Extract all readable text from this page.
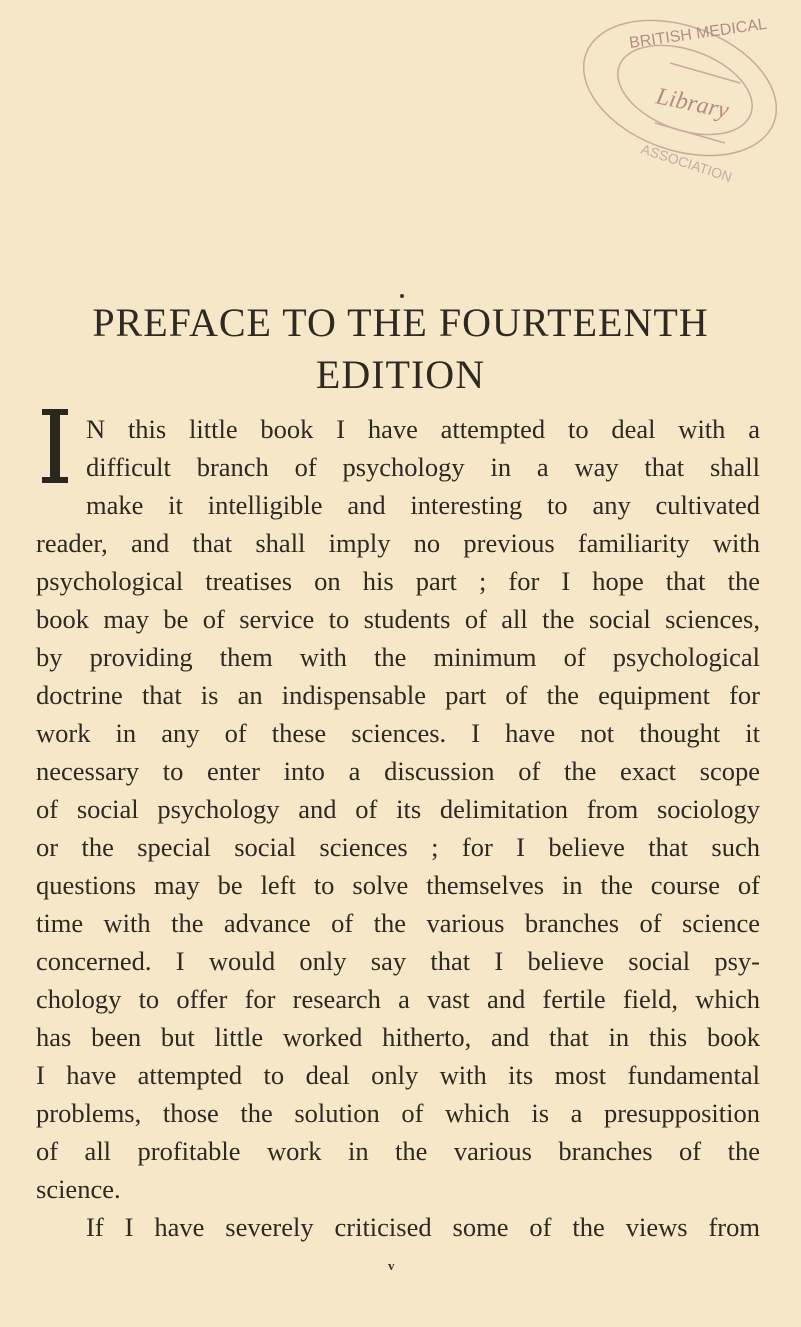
BRITISH MEDICAL
Library
ASSOCIATION
PREFACE TO THE FOURTEENTH
EDITION
N this little book I have attempted to deal with a
difficult branch of psychology in a way that shall
make it intelligible and interesting to any cultivated
reader, and that shall imply no previous familiarity with
psychological treatises on his part ; for I hope that the
book may be of service to students of all the social sciences,
by providing them with the minimum of psychological
doctrine that is an indispensable part of the equipment for
work in any of these sciences. I have not thought it
necessary to enter into a discussion of the exact scope
of social psychology and of its delimitation from sociology
or the special social sciences ; for I believe that such
questions may be left to solve themselves in the course of
time with the advance of the various branches of science
concerned. I would only say that I believe social psy-
chology to offer for research a vast and fertile field, which
has been but little worked hitherto, and that in this book
I have attempted to deal only with its most fundamental
problems, those the solution of which is a presupposition
of all profitable work in the various branches of the
science.
If I have severely criticised some of the views from
v
